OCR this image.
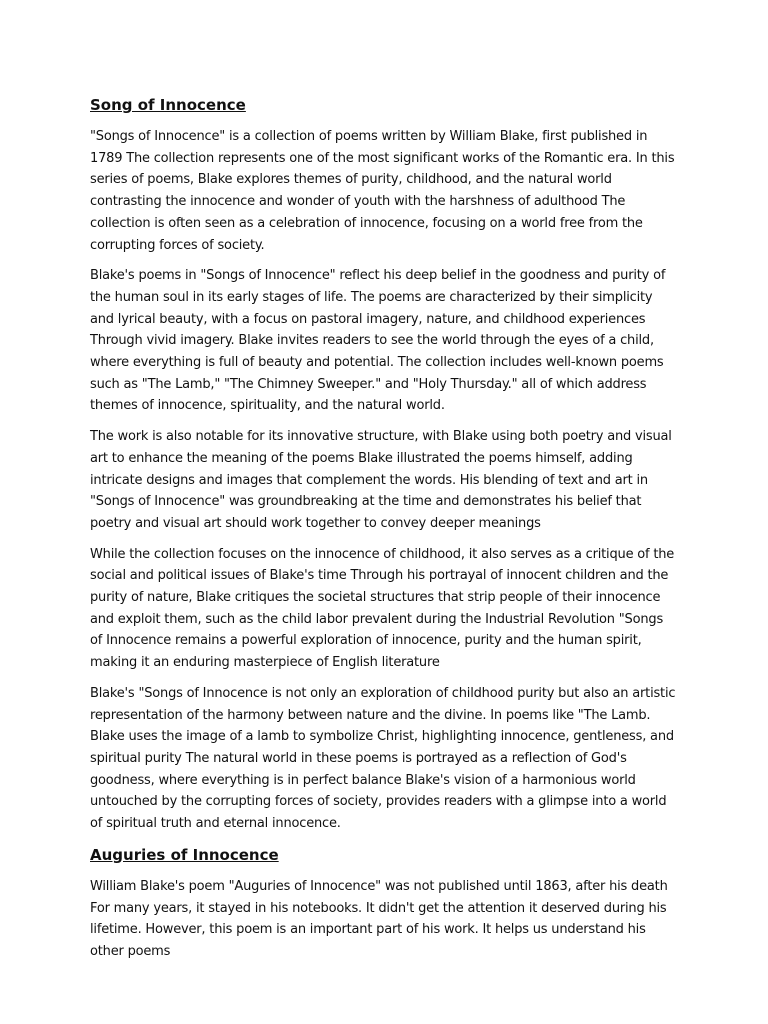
Song of Innocence

"Songs of Innocence" is a collection of poems written by William Blake, first published in 1789 The collection represents one of the most significant works of the Romantic era. In this series of poems, Blake explores themes of purity, childhood, and the natural world contrasting the innocence and wonder of youth with the harshness of adulthood The collection is often seen as a celebration of innocence, focusing on a world free from the corrupting forces of society.

Blake's poems in "Songs of Innocence" reflect his deep belief in the goodness and purity of the human soul in its early stages of life. The poems are characterized by their simplicity and lyrical beauty, with a focus on pastoral imagery, nature, and childhood experiences Through vivid imagery. Blake invites readers to see the world through the eyes of a child, where everything is full of beauty and potential. The collection includes well-known poems such as "The Lamb," "The Chimney Sweeper." and "Holy Thursday." all of which address themes of innocence, spirituality, and the natural world.

The work is also notable for its innovative structure, with Blake using both poetry and visual art to enhance the meaning of the poems Blake illustrated the poems himself, adding intricate designs and images that complement the words. His blending of text and art in "Songs of Innocence" was groundbreaking at the time and demonstrates his belief that poetry and visual art should work together to convey deeper meanings

While the collection focuses on the innocence of childhood, it also serves as a critique of the social and political issues of Blake's time Through his portrayal of innocent children and the purity of nature, Blake critiques the societal structures that strip people of their innocence and exploit them, such as the child labor prevalent during the Industrial Revolution "Songs of Innocence remains a powerful exploration of innocence, purity and the human spirit, making it an enduring masterpiece of English literature

Blake's "Songs of Innocence is not only an exploration of childhood purity but also an artistic representation of the harmony between nature and the divine. In poems like "The Lamb. Blake uses the image of a lamb to symbolize Christ, highlighting innocence, gentleness, and spiritual purity The natural world in these poems is portrayed as a reflection of God's goodness, where everything is in perfect balance Blake's vision of a harmonious world untouched by the corrupting forces of society, provides readers with a glimpse into a world of spiritual truth and eternal innocence.

Auguries of Innocence

William Blake's poem "Auguries of Innocence" was not published until 1863, after his death For many years, it stayed in his notebooks. It didn't get the attention it deserved during his lifetime. However, this poem is an important part of his work. It helps us understand his other poems
